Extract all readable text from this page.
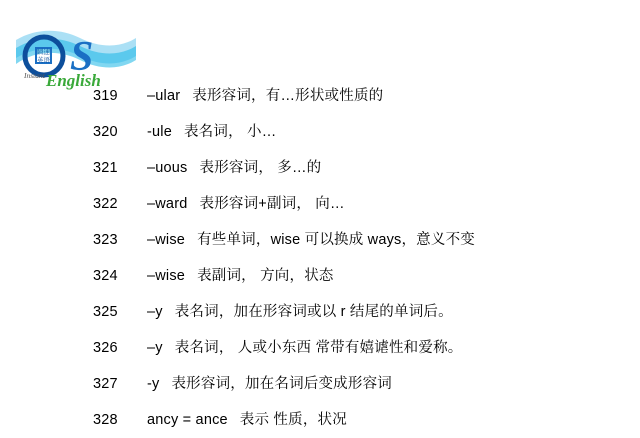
瞬速
英语 S
Instant English
319	–ular 表形容词，有…形状或性质的
320	-ule 表名词， 小…
321	–uous 表形容词， 多…的
322	–ward 表形容词+副词， 向…
323	–wise 有些单词，wise 可以换成 ways，意义不变
324	–wise 表副词， 方向，状态
325	–y 表名词，加在形容词或以 r 结尾的单词后。
326	–y 表名词， 人或小东西 常带有嬉谑性和爱称。
327	-y 表形容词，加在名词后变成形容词
328	ancy = ance 表示 性质，状况
